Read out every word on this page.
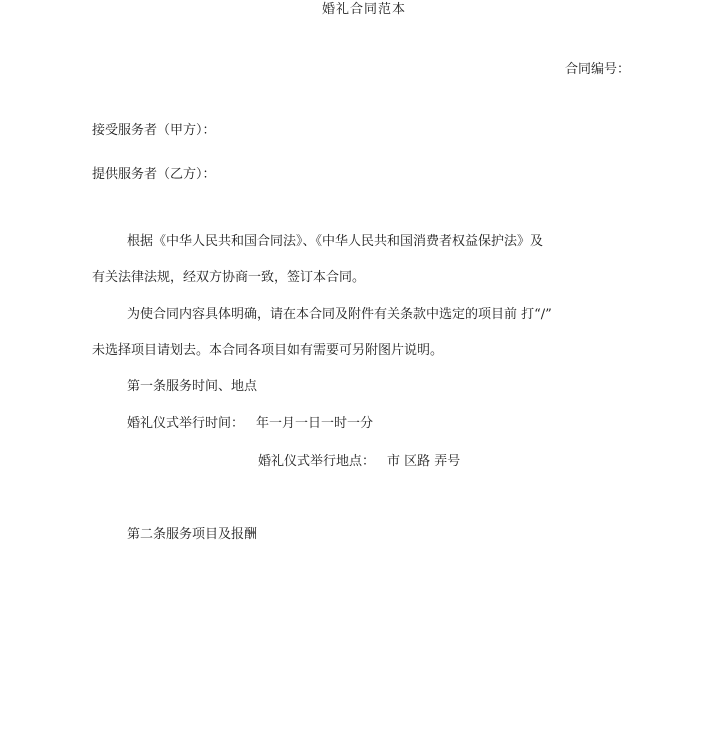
婚礼合同范本
合同编号：
接受服务者（甲方）：
提供服务者（乙方）：
根据《中华人民共和国合同法》、《中华人民共和国消费者权益保护法》及
有关法律法规，经双方协商一致，签订本合同。
为使合同内容具体明确，请在本合同及附件有关条款中选定的项目前 打“/”
未选择项目请划去。本合同各项目如有需要可另附图片说明。
第一条服务时间、地点
婚礼仪式举行时间： 年一月一日一时一分
婚礼仪式举行地点： 市 区路 弄号
第二条服务项目及报酬
